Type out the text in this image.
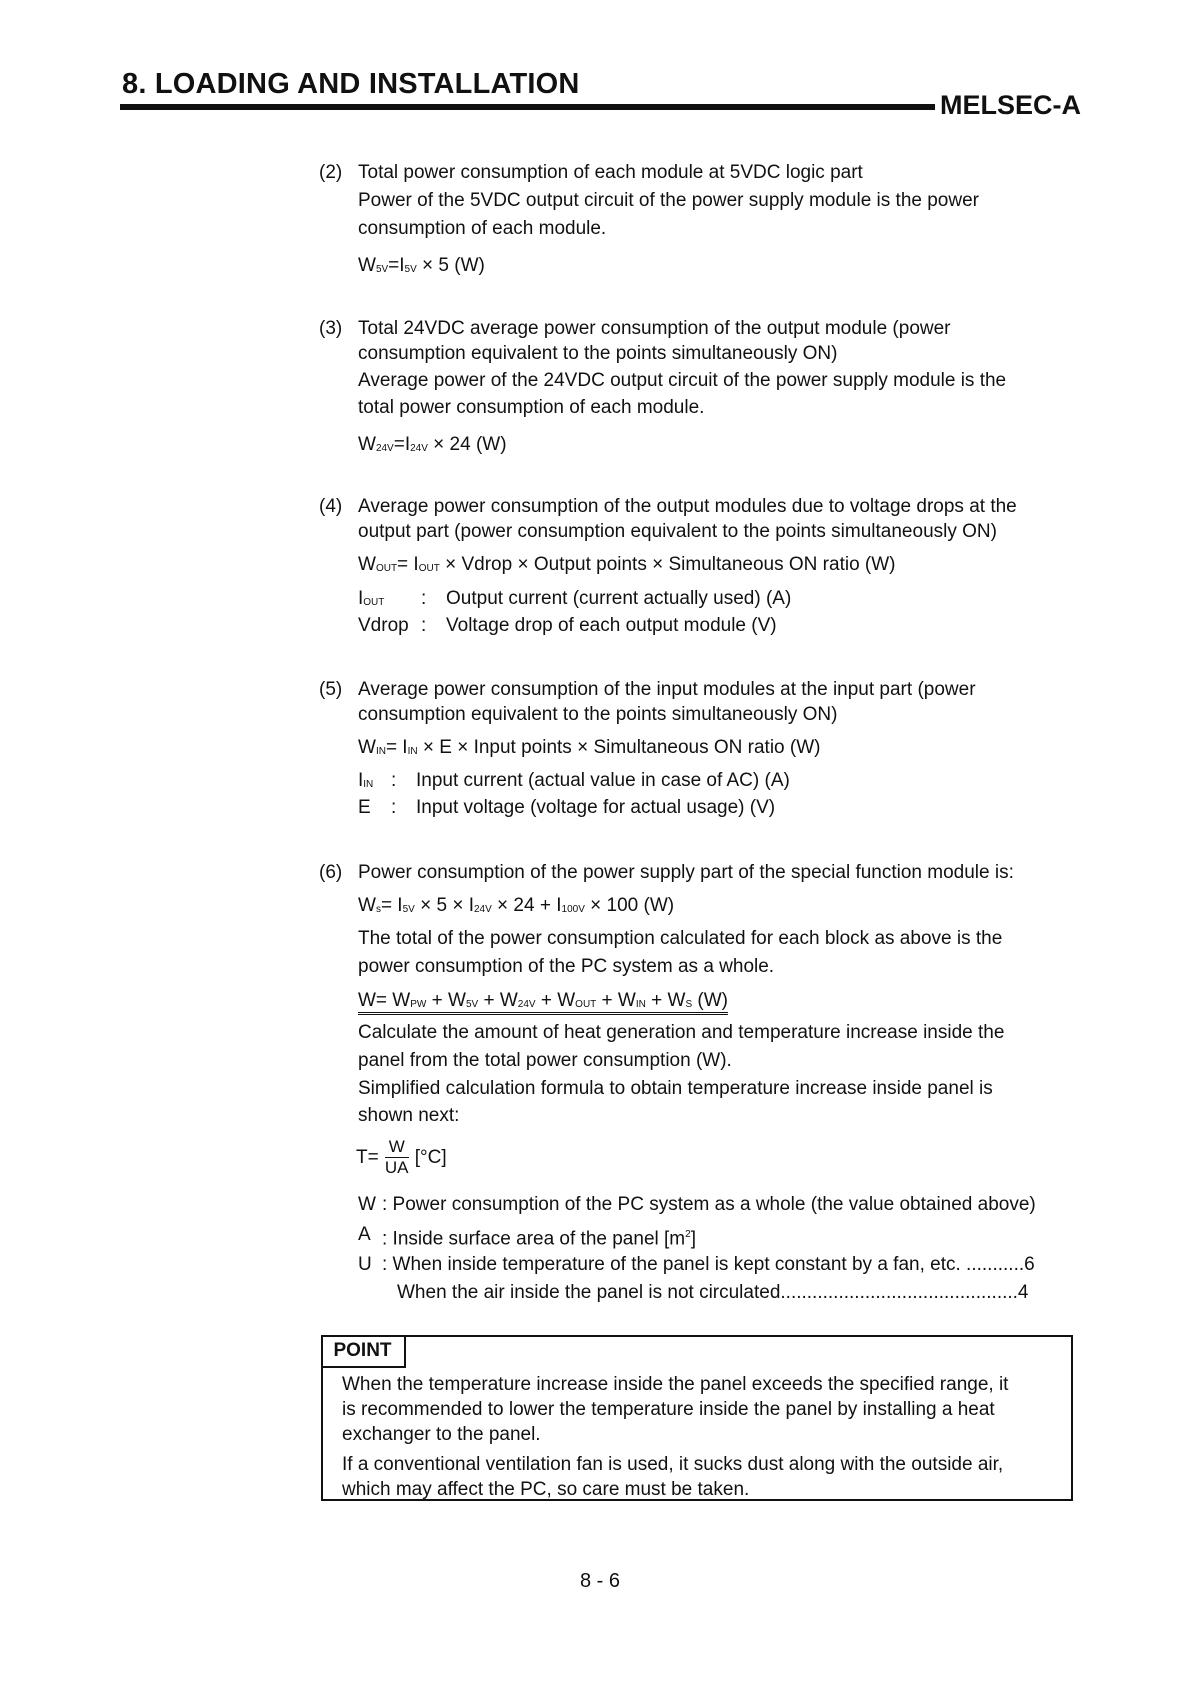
8. LOADING AND INSTALLATION
MELSEC-A
(2) Total power consumption of each module at 5VDC logic part
Power of the 5VDC output circuit of the power supply module is the power
consumption of each module.
$W_{5V}=I_{5V} \times 5$ (W)
(3) Total 24VDC average power consumption of the output module (power
consumption equivalent to the points simultaneously ON)
Average power of the 24VDC output circuit of the power supply module is the
total power consumption of each module.
$W_{24V}=I_{24V} \times 24$ (W)
(4) Average power consumption of the output modules due to voltage drops at the
output part (power consumption equivalent to the points simultaneously ON)
$W_{OUT}= I_{OUT}$ × Vdrop × Output points × Simultaneous ON ratio (W)
$I_{OUT}$ : Output current (current actually used) (A)
Vdrop : Voltage drop of each output module (V)
(5) Average power consumption of the input modules at the input part (power
consumption equivalent to the points simultaneously ON)
$W_{IN}= I_{IN} \times E$ × Input points × Simultaneous ON ratio (W)
$I_{IN}$ : Input current (actual value in case of AC) (A)
E : Input voltage (voltage for actual usage) (V)
(6) Power consumption of the power supply part of the special function module is:
$W_s= I_{5V} \times 5 \times I_{24V} \times 24 + I_{100V} \times 100$ (W)
The total of the power consumption calculated for each block as above is the
power consumption of the PC system as a whole.
$W= W_{PW} + W_{5V} + W_{24V} + W_{OUT} + W_{IN} + W_S$ (W)
Calculate the amount of heat generation and temperature increase inside the
panel from the total power consumption (W).
Simplified calculation formula to obtain temperature increase inside panel is
shown next:
$T= \frac{W}{UA} [^\circ C]$
W : Power consumption of the PC system as a whole (the value obtained above)
A : Inside surface area of the panel $[m^2]$
U : When inside temperature of the panel is kept constant by a fan, etc. ...........6
When the air inside the panel is not circulated.............................................4
POINT
When the temperature increase inside the panel exceeds the specified range, it
is recommended to lower the temperature inside the panel by installing a heat
exchanger to the panel.
If a conventional ventilation fan is used, it sucks dust along with the outside air,
which may affect the PC, so care must be taken.
8 - 6
